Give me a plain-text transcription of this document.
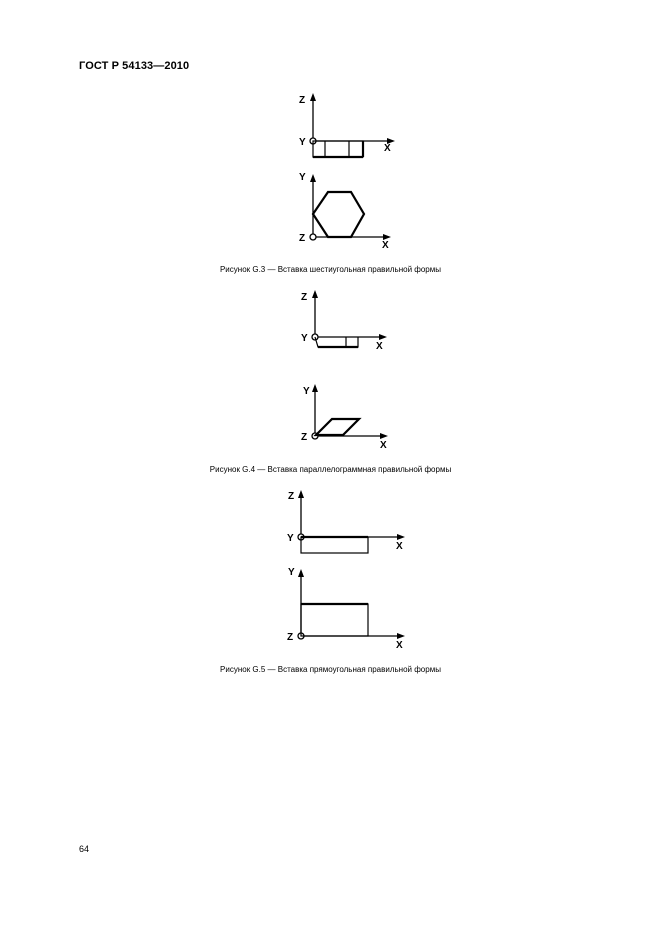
ГОСТ Р 54133—2010
Z
X
Y
Y
X
Z
Рисунок G.3 — Вставка шестиугольная правильной формы
Z
X
Y
Y
X
Z
Рисунок G.4 — Вставка параллелограммная правильной формы
Z
X
Y
Y
X
Z
Рисунок G.5 — Вставка прямоугольная правильной формы
64
